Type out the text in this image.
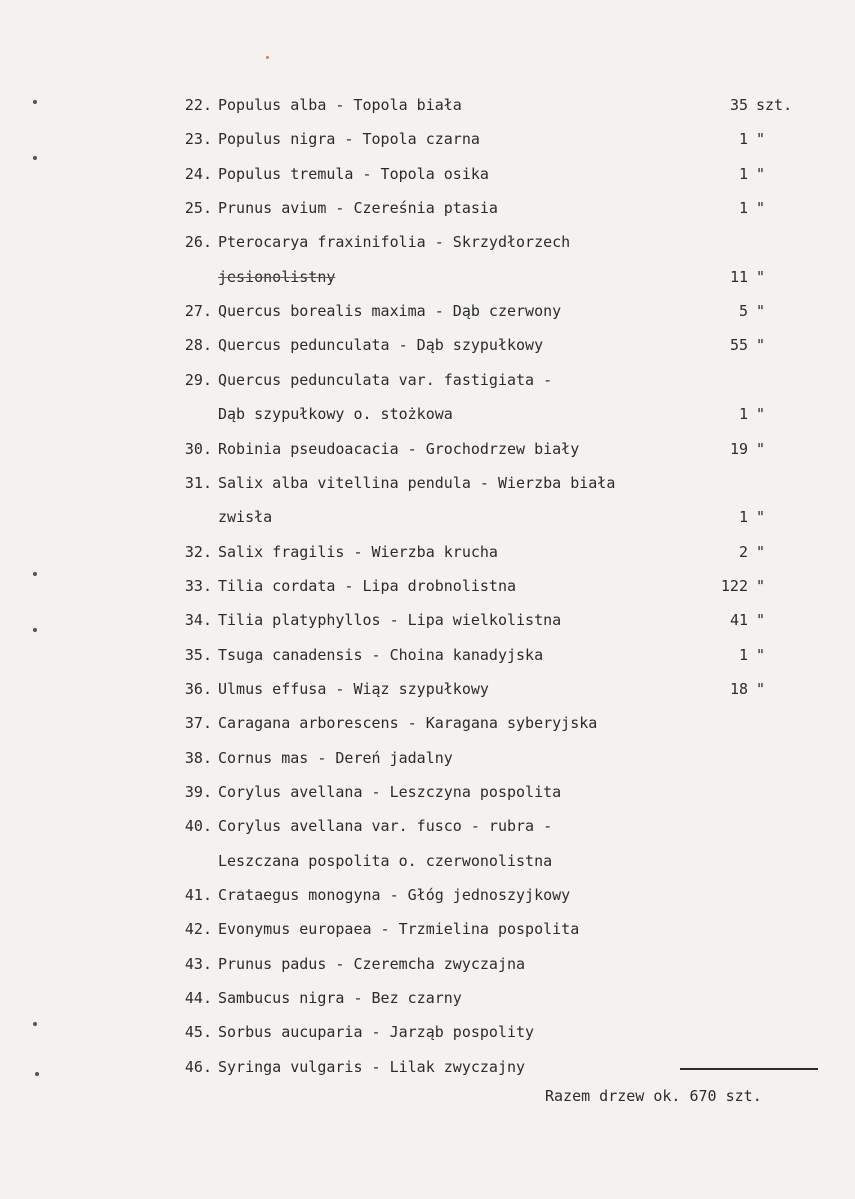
22. Populus alba - Topola biała	35 szt.
23. Populus nigra - Topola czarna	1 "
24. Populus tremula - Topola osika	1 "
25. Prunus avium - Czereśnia ptasia	1 "
26. Pterocarya fraxinifolia - Skrzydłorzech
jesionolistny	11 "
27. Quercus borealis maxima - Dąb czerwony	5 "
28. Quercus pedunculata - Dąb szypułkowy	55 "
29. Quercus pedunculata var. fastigiata -
Dąb szypułkowy o. stożkowa	1 "
30. Robinia pseudoacacia - Grochodrzew biały	19 "
31. Salix alba vitellina pendula - Wierzba biała
zwisła	1 "
32. Salix fragilis - Wierzba krucha	2 "
33. Tilia cordata - Lipa drobnolistna	122 "
34. Tilia platyphyllos - Lipa wielkolistna	41 "
35. Tsuga canadensis - Choina kanadyjska	1 "
36. Ulmus effusa - Wiąz szypułkowy	18 "
37. Caragana arborescens - Karagana syberyjska
38. Cornus mas - Dereń jadalny
39. Corylus avellana - Leszczyna pospolita
40. Corylus avellana var. fusco - rubra -
Leszczana pospolita o. czerwonolistna
41. Crataegus monogyna - Głóg jednoszyjkowy
42. Evonymus europaea - Trzmielina pospolita
43. Prunus padus - Czeremcha zwyczajna
44. Sambucus nigra - Bez czarny
45. Sorbus aucuparia - Jarząb pospolity
46. Syringa vulgaris - Lilak zwyczajny
Razem drzew ok. 670 szt.
